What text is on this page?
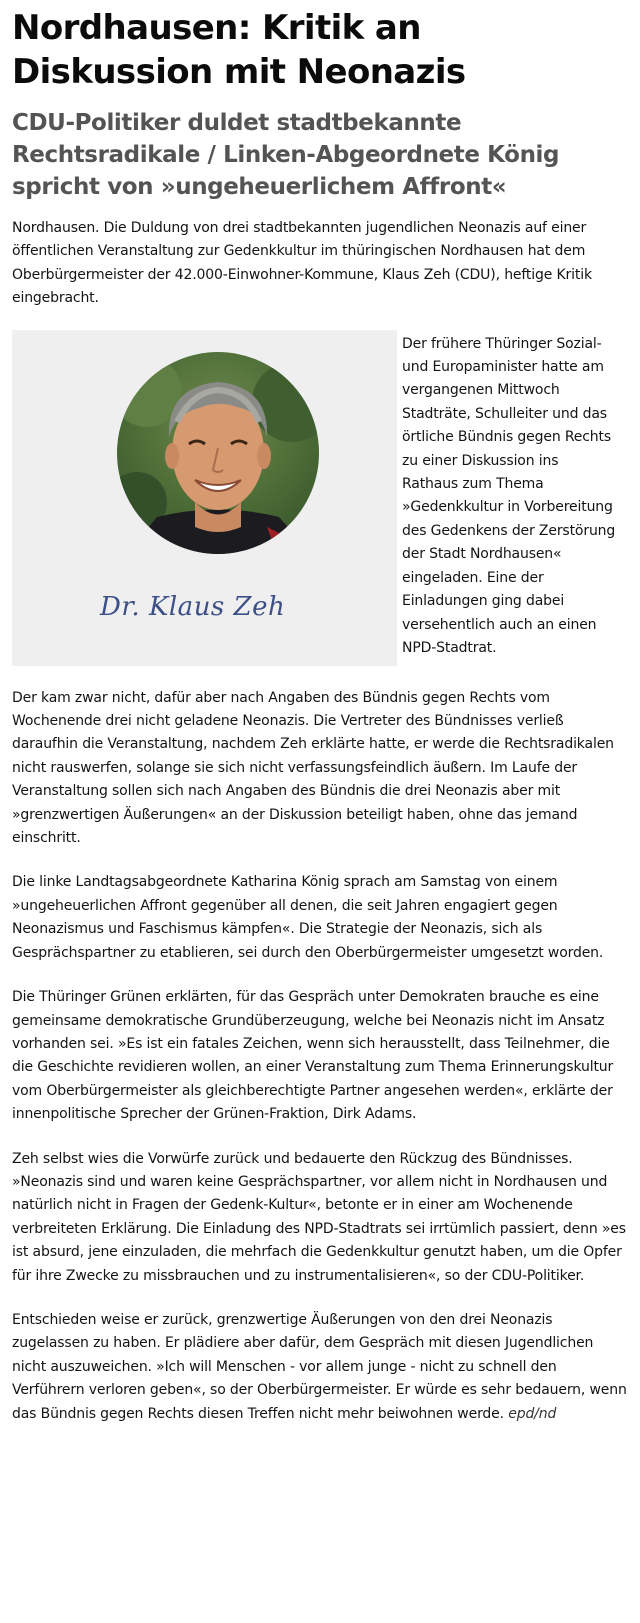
Nordhausen: Kritik an Diskussion mit Neonazis
CDU-Politiker duldet stadtbekannte Rechtsradikale / Linken-Abgeordnete König spricht von »ungeheuerlichem Affront«

Nordhausen. Die Duldung von drei stadtbekannten jugendlichen Neonazis auf einer öffentlichen Veranstaltung zur Gedenkkultur im thüringischen Nordhausen hat dem Oberbürgermeister der 42.000-Einwohner-Kommune, Klaus Zeh (CDU), heftige Kritik eingebracht.

Dr. Klaus Zeh

Der frühere Thüringer Sozial- und Europaminister hatte am vergangenen Mittwoch Stadträte, Schulleiter und das örtliche Bündnis gegen Rechts zu einer Diskussion ins Rathaus zum Thema »Gedenkkultur in Vorbereitung des Gedenkens der Zerstörung der Stadt Nordhausen« eingeladen. Eine der Einladungen ging dabei versehentlich auch an einen NPD-Stadtrat.

Der kam zwar nicht, dafür aber nach Angaben des Bündnis gegen Rechts vom Wochenende drei nicht geladene Neonazis. Die Vertreter des Bündnisses verließ daraufhin die Veranstaltung, nachdem Zeh erklärte hatte, er werde die Rechtsradikalen nicht rauswerfen, solange sie sich nicht verfassungsfeindlich äußern. Im Laufe der Veranstaltung sollen sich nach Angaben des Bündnis die drei Neonazis aber mit »grenzwertigen Äußerungen« an der Diskussion beteiligt haben, ohne das jemand einschritt.

Die linke Landtagsabgeordnete Katharina König sprach am Samstag von einem »ungeheuerlichen Affront gegenüber all denen, die seit Jahren engagiert gegen Neonazismus und Faschismus kämpfen«. Die Strategie der Neonazis, sich als Gesprächspartner zu etablieren, sei durch den Oberbürgermeister umgesetzt worden.

Die Thüringer Grünen erklärten, für das Gespräch unter Demokraten brauche es eine gemeinsame demokratische Grundüberzeugung, welche bei Neonazis nicht im Ansatz vorhanden sei. »Es ist ein fatales Zeichen, wenn sich herausstellt, dass Teilnehmer, die die Geschichte revidieren wollen, an einer Veranstaltung zum Thema Erinnerungskultur vom Oberbürgermeister als gleichberechtigte Partner angesehen werden«, erklärte der innenpolitische Sprecher der Grünen-Fraktion, Dirk Adams.

Zeh selbst wies die Vorwürfe zurück und bedauerte den Rückzug des Bündnisses. »Neonazis sind und waren keine Gesprächspartner, vor allem nicht in Nordhausen und natürlich nicht in Fragen der Gedenk-Kultur«, betonte er in einer am Wochenende verbreiteten Erklärung. Die Einladung des NPD-Stadtrats sei irrtümlich passiert, denn »es ist absurd, jene einzuladen, die mehrfach die Gedenkkultur genutzt haben, um die Opfer für ihre Zwecke zu missbrauchen und zu instrumentalisieren«, so der CDU-Politiker.

Entschieden weise er zurück, grenzwertige Äußerungen von den drei Neonazis zugelassen zu haben. Er plädiere aber dafür, dem Gespräch mit diesen Jugendlichen nicht auszuweichen. »Ich will Menschen - vor allem junge - nicht zu schnell den Verführern verloren geben«, so der Oberbürgermeister. Er würde es sehr bedauern, wenn das Bündnis gegen Rechts diesen Treffen nicht mehr beiwohnen werde. epd/nd
